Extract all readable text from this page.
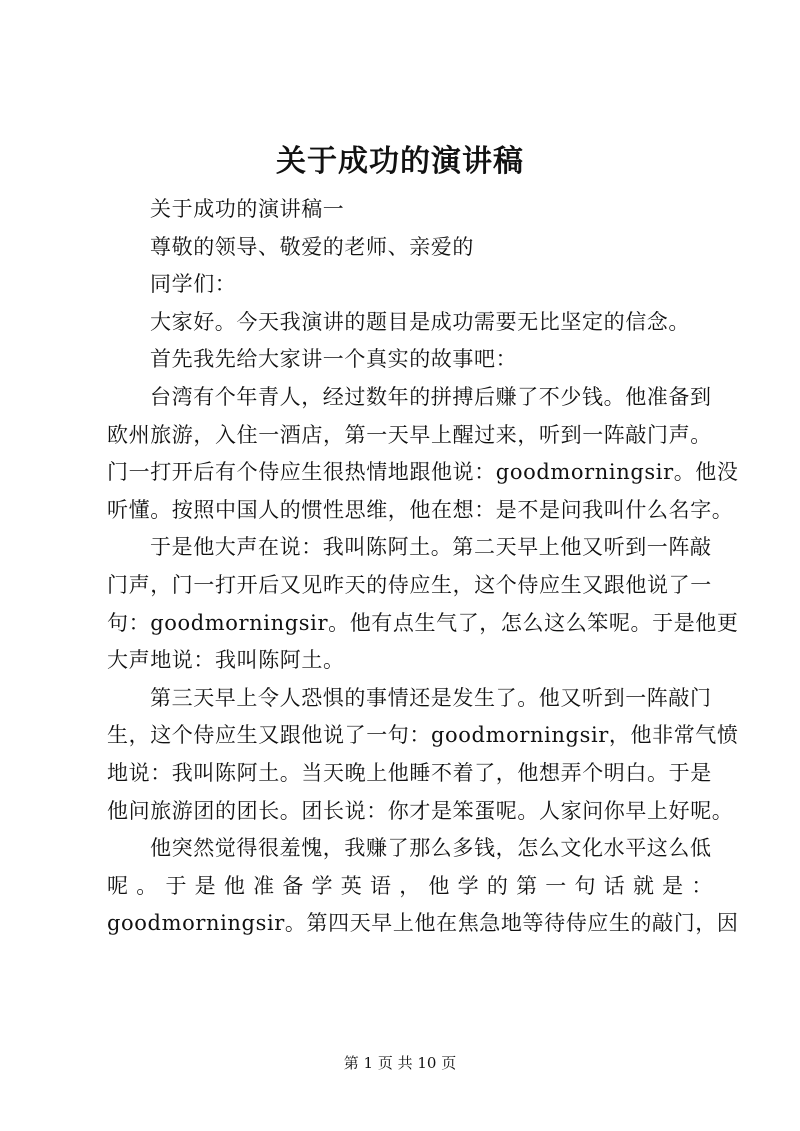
关于成功的演讲稿
关于成功的演讲稿一
尊敬的领导、敬爱的老师、亲爱的
同学们：
大家好。今天我演讲的题目是成功需要无比坚定的信念。
首先我先给大家讲一个真实的故事吧：
台湾有个年青人，经过数年的拼搏后赚了不少钱。他准备到
欧州旅游，入住一酒店，第一天早上醒过来，听到一阵敲门声。
门一打开后有个侍应生很热情地跟他说：goodmorningsir。他没
听懂。按照中国人的惯性思维，他在想：是不是问我叫什么名字。
于是他大声在说：我叫陈阿土。第二天早上他又听到一阵敲
门声，门一打开后又见昨天的侍应生，这个侍应生又跟他说了一
句：goodmorningsir。他有点生气了，怎么这么笨呢。于是他更
大声地说：我叫陈阿土。
第三天早上令人恐惧的事情还是发生了。他又听到一阵敲门
生，这个侍应生又跟他说了一句：goodmorningsir，他非常气愤
地说：我叫陈阿土。当天晚上他睡不着了，他想弄个明白。于是
他问旅游团的团长。团长说：你才是笨蛋呢。人家问你早上好呢。
他突然觉得很羞愧，我赚了那么多钱，怎么文化水平这么低
呢 。 于 是 他 准 备 学 英 语 ， 他 学 的 第 一 句 话 就 是 ：
goodmorningsir。第四天早上他在焦急地等待侍应生的敲门，因
第 1 页 共 10 页
